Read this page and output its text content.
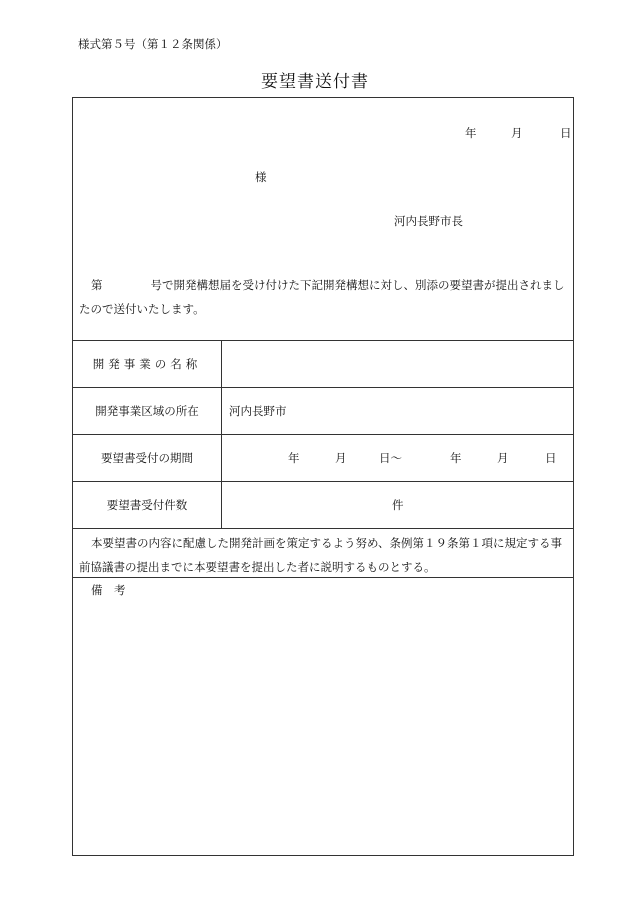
様式第５号（第１２条関係）
要望書送付書
年	月	日
様
河内長野市長
第	号で開発構想届を受け付けた下記開発構想に対し、別添の要望書が提出されましたので送付いたします。
開発事業の名称
開発事業区域の所在	河内長野市
要望書受付の期間	年	月	日～	年	月	日
要望書受付件数	件
本要望書の内容に配慮した開発計画を策定するよう努め、条例第１９条第１項に規定する事前協議書の提出までに本要望書を提出した者に説明するものとする。
備　考
